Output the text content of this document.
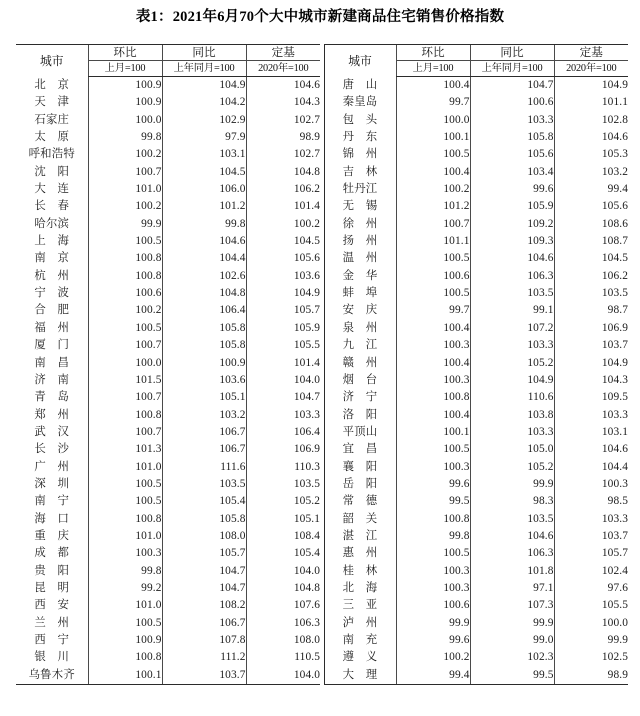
表1：2021年6月70个大中城市新建商品住宅销售价格指数
城市	环比	同比	定基		城市	环比	同比	定基
	上月=100	上年同月=100	2020年=100			上月=100	上年同月=100	2020年=100
北　京	100.9	104.9	104.6		唐　山	100.4	104.7	104.9
天　津	100.9	104.2	104.3		秦皇岛	99.7	100.6	101.1
石家庄	100.0	102.9	102.7		包　头	100.0	103.3	102.8
太　原	99.8	97.9	98.9		丹　东	100.1	105.8	104.6
呼和浩特	100.2	103.1	102.7		锦　州	100.5	105.6	105.3
沈　阳	100.7	104.5	104.8		吉　林	100.4	103.4	103.2
大　连	101.0	106.0	106.2		牡丹江	100.2	99.6	99.4
长　春	100.2	101.2	101.4		无　锡	101.2	105.9	105.6
哈尔滨	99.9	99.8	100.2		徐　州	100.7	109.2	108.6
上　海	100.5	104.6	104.5		扬　州	101.1	109.3	108.7
南　京	100.8	104.4	105.6		温　州	100.5	104.6	104.5
杭　州	100.8	102.6	103.6		金　华	100.6	106.3	106.2
宁　波	100.6	104.8	104.9		蚌　埠	100.5	103.5	103.5
合　肥	100.2	106.4	105.7		安　庆	99.7	99.1	98.7
福　州	100.5	105.8	105.9		泉　州	100.4	107.2	106.9
厦　门	100.7	105.8	105.5		九　江	100.3	103.3	103.7
南　昌	100.0	100.9	101.4		赣　州	100.4	105.2	104.9
济　南	101.5	103.6	104.0		烟　台	100.3	104.9	104.3
青　岛	100.7	105.1	104.7		济　宁	100.8	110.6	109.5
郑　州	100.8	103.2	103.3		洛　阳	100.4	103.8	103.3
武　汉	100.7	106.7	106.4		平顶山	100.1	103.3	103.1
长　沙	101.3	106.7	106.9		宜　昌	100.5	105.0	104.6
广　州	101.0	111.6	110.3		襄　阳	100.3	105.2	104.4
深　圳	100.5	103.5	103.5		岳　阳	99.6	99.9	100.3
南　宁	100.5	105.4	105.2		常　德	99.5	98.3	98.5
海　口	100.8	105.8	105.1		韶　关	100.8	103.5	103.3
重　庆	101.0	108.0	108.4		湛　江	99.8	104.6	103.7
成　都	100.3	105.7	105.4		惠　州	100.5	106.3	105.7
贵　阳	99.8	104.7	104.0		桂　林	100.3	101.8	102.4
昆　明	99.2	104.7	104.8		北　海	100.3	97.1	97.6
西　安	101.0	108.2	107.6		三　亚	100.6	107.3	105.5
兰　州	100.5	106.7	106.3		泸　州	99.9	99.9	100.0
西　宁	100.9	107.8	108.0		南　充	99.6	99.0	99.9
银　川	100.8	111.2	110.5		遵　义	100.2	102.3	102.5
乌鲁木齐	100.1	103.7	104.0		大　理	99.4	99.5	98.9
